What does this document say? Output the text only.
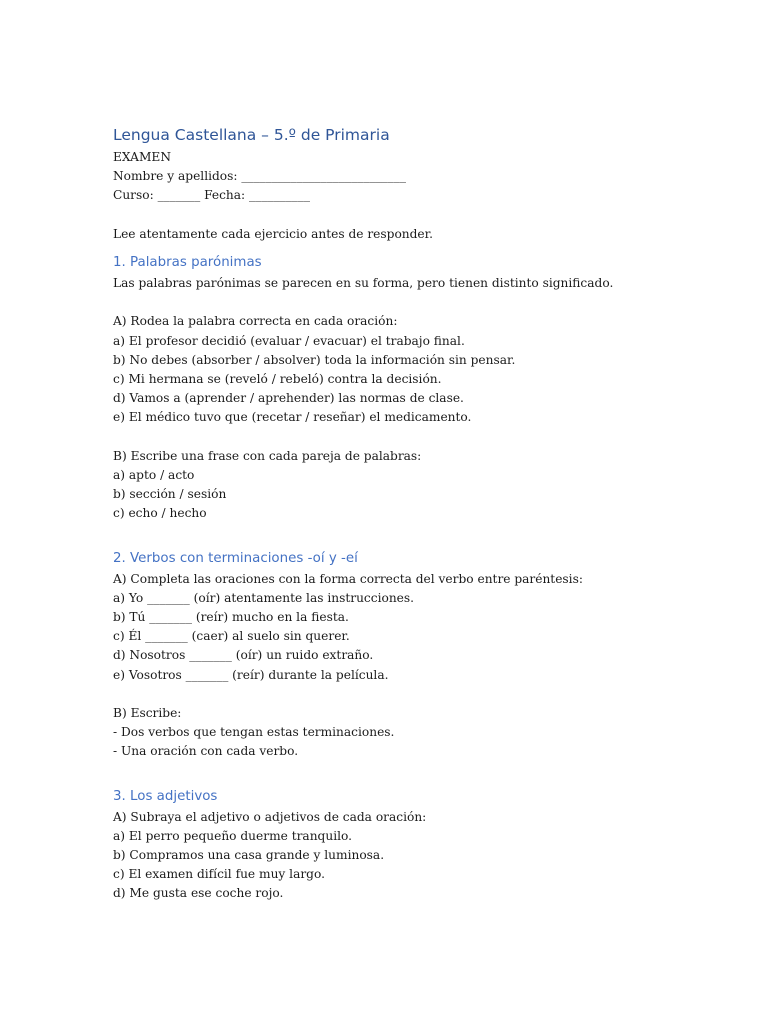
Lengua Castellana – 5.º de Primaria
EXAMEN
Nombre y apellidos: ___________________________
Curso: _______ Fecha: __________
Lee atentamente cada ejercicio antes de responder.
1. Palabras parónimas
Las palabras parónimas se parecen en su forma, pero tienen distinto significado.
A) Rodea la palabra correcta en cada oración:
a) El profesor decidió (evaluar / evacuar) el trabajo final.
b) No debes (absorber / absolver) toda la información sin pensar.
c) Mi hermana se (reveló / rebeló) contra la decisión.
d) Vamos a (aprender / aprehender) las normas de clase.
e) El médico tuvo que (recetar / reseñar) el medicamento.
B) Escribe una frase con cada pareja de palabras:
a) apto / acto
b) sección / sesión
c) echo / hecho
2. Verbos con terminaciones -oí y -eí
A) Completa las oraciones con la forma correcta del verbo entre paréntesis:
a) Yo _______ (oír) atentamente las instrucciones.
b) Tú _______ (reír) mucho en la fiesta.
c) Él _______ (caer) al suelo sin querer.
d) Nosotros _______ (oír) un ruido extraño.
e) Vosotros _______ (reír) durante la película.
B) Escribe:
- Dos verbos que tengan estas terminaciones.
- Una oración con cada verbo.
3. Los adjetivos
A) Subraya el adjetivo o adjetivos de cada oración:
a) El perro pequeño duerme tranquilo.
b) Compramos una casa grande y luminosa.
c) El examen difícil fue muy largo.
d) Me gusta ese coche rojo.
